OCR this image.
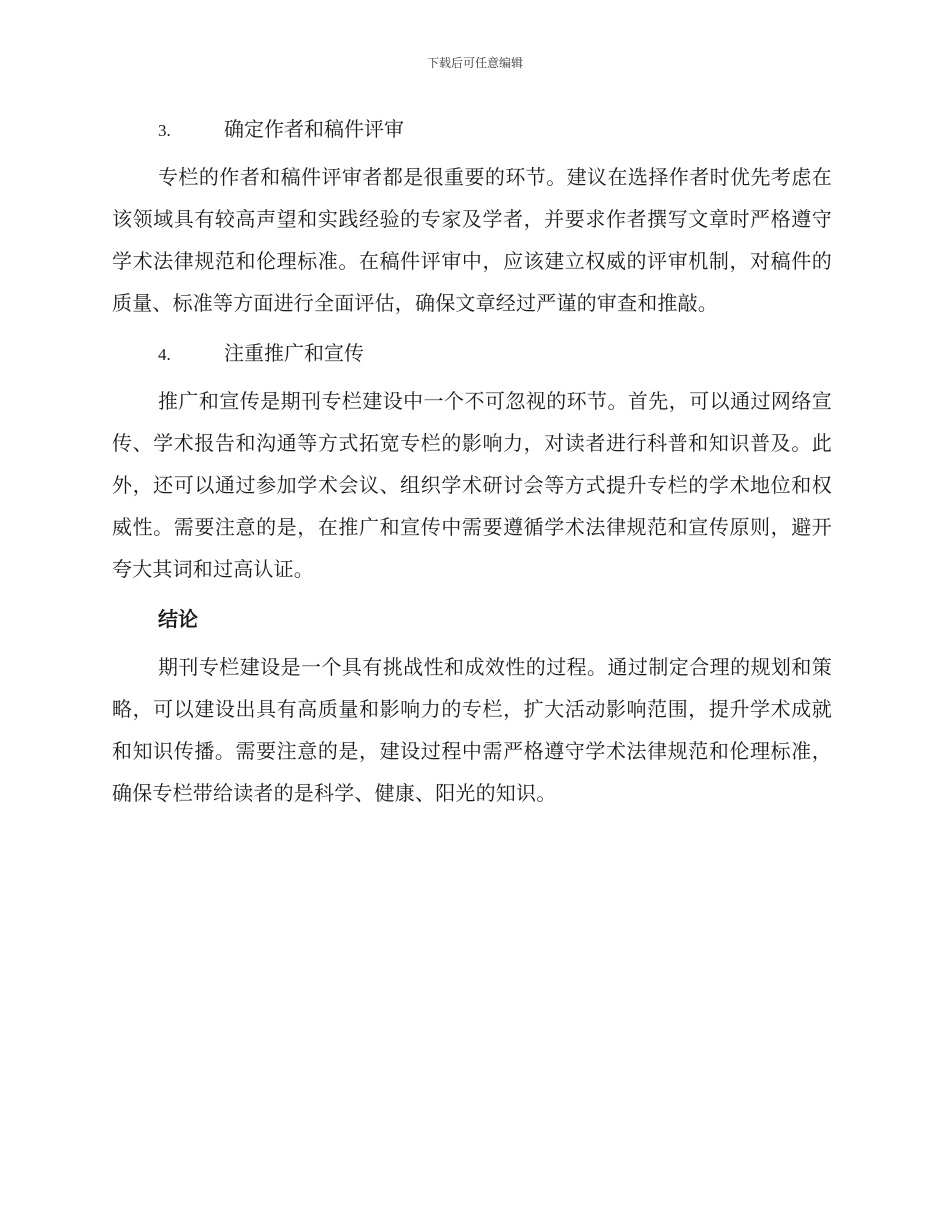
下载后可任意编辑
3.	确定作者和稿件评审

专栏的作者和稿件评审者都是很重要的环节。建议在选择作者时优先考虑在该领域具有较高声望和实践经验的专家及学者，并要求作者撰写文章时严格遵守学术法律规范和伦理标准。在稿件评审中，应该建立权威的评审机制，对稿件的质量、标准等方面进行全面评估，确保文章经过严谨的审查和推敲。

4.	注重推广和宣传

推广和宣传是期刊专栏建设中一个不可忽视的环节。首先，可以通过网络宣传、学术报告和沟通等方式拓宽专栏的影响力，对读者进行科普和知识普及。此外，还可以通过参加学术会议、组织学术研讨会等方式提升专栏的学术地位和权威性。需要注意的是，在推广和宣传中需要遵循学术法律规范和宣传原则，避开夸大其词和过高认证。

结论

期刊专栏建设是一个具有挑战性和成效性的过程。通过制定合理的规划和策略，可以建设出具有高质量和影响力的专栏，扩大活动影响范围，提升学术成就和知识传播。需要注意的是，建设过程中需严格遵守学术法律规范和伦理标准，确保专栏带给读者的是科学、健康、阳光的知识。
